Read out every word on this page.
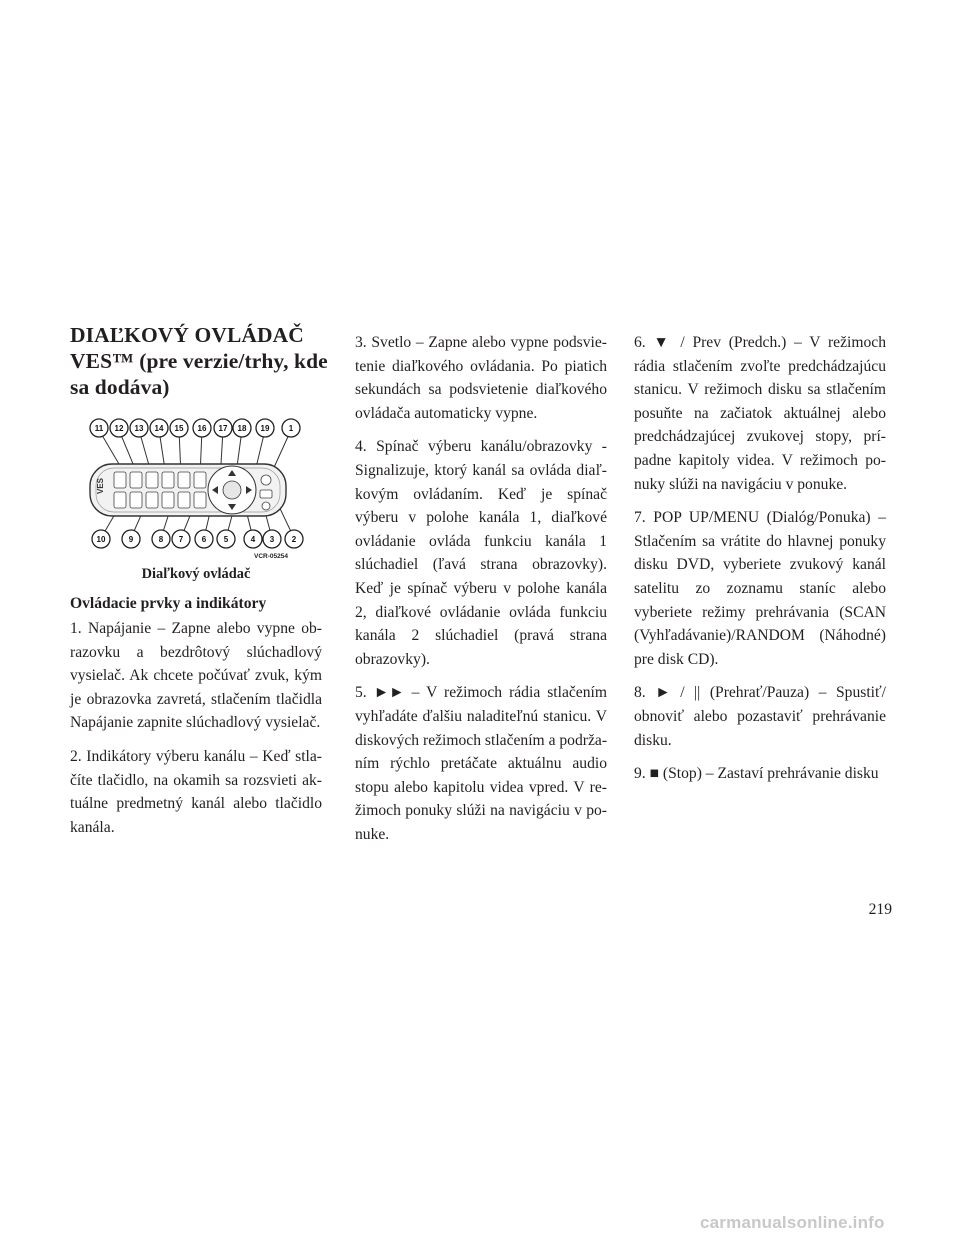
DIAĽKOVÝ OVLÁDAČ VES™ (pre verzie/trhy, kde sa dodáva)
VES
11 12 13 14 15 16 17 18 19 1
10	9	8 7 6 5	4 3 2
VCR-05254
Diaľkový ovládač
Ovládacie prvky a indikátory

1. Napájanie – Zapne alebo vypne obrazovku a bezdrôtový slúchadlový vysielač. Ak chcete počúvať zvuk, kým je obrazovka zavretá, stlačením tlačidla Napájanie zapnite slúchadlový vysielač.

2. Indikátory výberu kanálu – Keď stlačíte tlačidlo, na okamih sa rozsvieti aktuálne predmetný kanál alebo tlačidlo kanála.

3. Svetlo – Zapne alebo vypne podsvietenie diaľkového ovládania. Po piatich sekundách sa podsvietenie diaľkového ovládača automaticky vypne.

4. Spínač výberu kanálu/obrazovky - Signalizuje, ktorý kanál sa ovláda diaľkovým ovládaním. Keď je spínač výberu v polohe kanála 1, diaľkové ovládanie ovláda funkciu kanála 1 slúchadiel (ľavá strana obrazovky). Keď je spínač výberu v polohe kanála 2, diaľkové ovládanie ovláda funkciu kanála 2 slúchadiel (pravá strana obrazovky).

5. ►► – V režimoch rádia stlačením vyhľadáte ďalšiu naladiteľnú stanicu. V diskových režimoch stlačením a podržaním rýchlo pretáčate aktuálnu audio stopu alebo kapitolu videa vpred. V režimoch ponuky slúži na navigáciu v ponuke.

6. ▼ / Prev (Predch.) – V režimoch rádia stlačením zvoľte predchádzajúcu stanicu. V režimoch disku sa stlačením posuňte na začiatok aktuálnej alebo predchádzajúcej zvukovej stopy, prípadne kapitoly videa. V režimoch ponuky slúži na navigáciu v ponuke.

7. POP UP/MENU (Dialóg/Ponuka) – Stlačením sa vrátite do hlavnej ponuky disku DVD, vyberiete zvukový kanál satelitu zo zoznamu staníc alebo vyberiete režimy prehrávania (SCAN (Vyhľadávanie)/RANDOM (Náhodné) pre disk CD).

8. ► / || (Prehrať/Pauza) – Spustiť/ obnoviť alebo pozastaviť prehrávanie disku.

9. ■ (Stop) – Zastaví prehrávanie disku

219
carmanualsonline.info
